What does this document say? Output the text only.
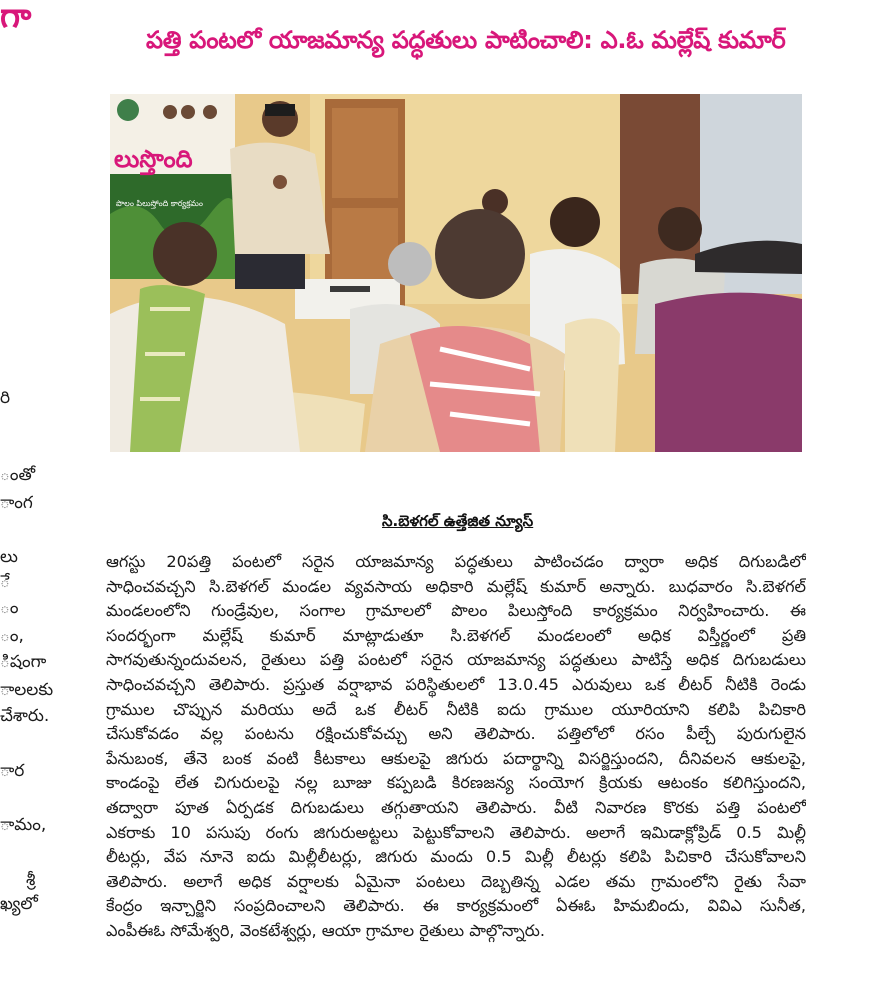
గా
పత్తి పంటలో యాజమాన్య పద్ధతులు పాటించాలి: ఎ.ఓ మల్లేష్ కుమార్
లుస్తొంది
పొలం పిలుస్తోంది కార్యక్రమం
రి
ంతో
ాంగ
లు
ే
ం
ం,
ిషంగా
ాలలకు
చేశారు.
ార
ామం,
శ్రీ
ఖ్యలో
సి.బెళగల్ ఉత్తేజిత న్యూస్
ఆగస్టు 20పత్తి పంటలో సరైన యాజమాన్య పద్ధతులు పాటించడం ద్వారా అధిక దిగుబడిలో
సాధించవచ్చని సి.బెళగల్ మండల వ్యవసాయ అధికారి మల్లేష్ కుమార్ అన్నారు. బుధవారం సి.బెళగల్
మండలంలోని గుండ్రేవుల, సంగాల గ్రామాలలో పొలం పిలుస్తోంది కార్యక్రమం నిర్వహించారు. ఈ
సందర్భంగా మల్లేష్ కుమార్ మాట్లాడుతూ సి.బెళగల్ మండలంలో అధిక విస్తీర్ణంలో ప్రతి
సాగవుతున్నందువలన, రైతులు పత్తి పంటలో సరైన యాజమాన్య పద్ధతులు పాటిస్తే అధిక దిగుబడులు
సాధించవచ్చని తెలిపారు. ప్రస్తుత వర్షాభావ పరిస్థితులలో 13.0.45 ఎరువులు ఒక లీటర్ నీటికి రెండు
గ్రాముల చొప్పున మరియు అదే ఒక లీటర్ నీటికి ఐదు గ్రాముల యూరియాని కలిపి పిచికారి
చేసుకోవడం వల్ల పంటను రక్షించుకోవచ్చు అని తెలిపారు. పత్తిలోలో రసం పీల్చే పురుగులైన
పేనుబంక, తేనె బంక వంటి కీటకాలు ఆకులపై జిగురు పదార్థాన్ని విసర్జిస్తుందని, దీనివలన ఆకులపై,
కాండంపై లేత చిగురులపై నల్ల బూజు కప్పబడి కిరణజన్య సంయోగ క్రియకు ఆటంకం కలిగిస్తుందని,
తద్వారా పూత ఏర్పడక దిగుబడులు తగ్గుతాయని తెలిపారు. వీటి నివారణ కొరకు పత్తి పంటలో
ఎకరాకు 10 పసుపు రంగు జిగురుఅట్టలు పెట్టుకోవాలని తెలిపారు. అలాగే ఇమిడాక్లోప్రిడ్ 0.5 మిల్లీ
లీటర్లు, వేప నూనె ఐదు మిల్లీలీటర్లు, జిగురు మందు 0.5 మిల్లీ లీటర్లు కలిపి పిచికారి చేసుకోవాలని
తెలిపారు. అలాగే అధిక వర్షాలకు ఏమైనా పంటలు దెబ్బతిన్న ఎడల తమ గ్రామంలోని రైతు సేవా
కేంద్రం ఇన్చార్జిని సంప్రదించాలని తెలిపారు. ఈ కార్యక్రమంలో ఏఈఓ హిమబిందు, వివిఎ సునీత,
ఎంపీఈఓ సోమేశ్వరి, వెంకటేశ్వర్లు, ఆయా గ్రామాల రైతులు పాల్గొన్నారు.
